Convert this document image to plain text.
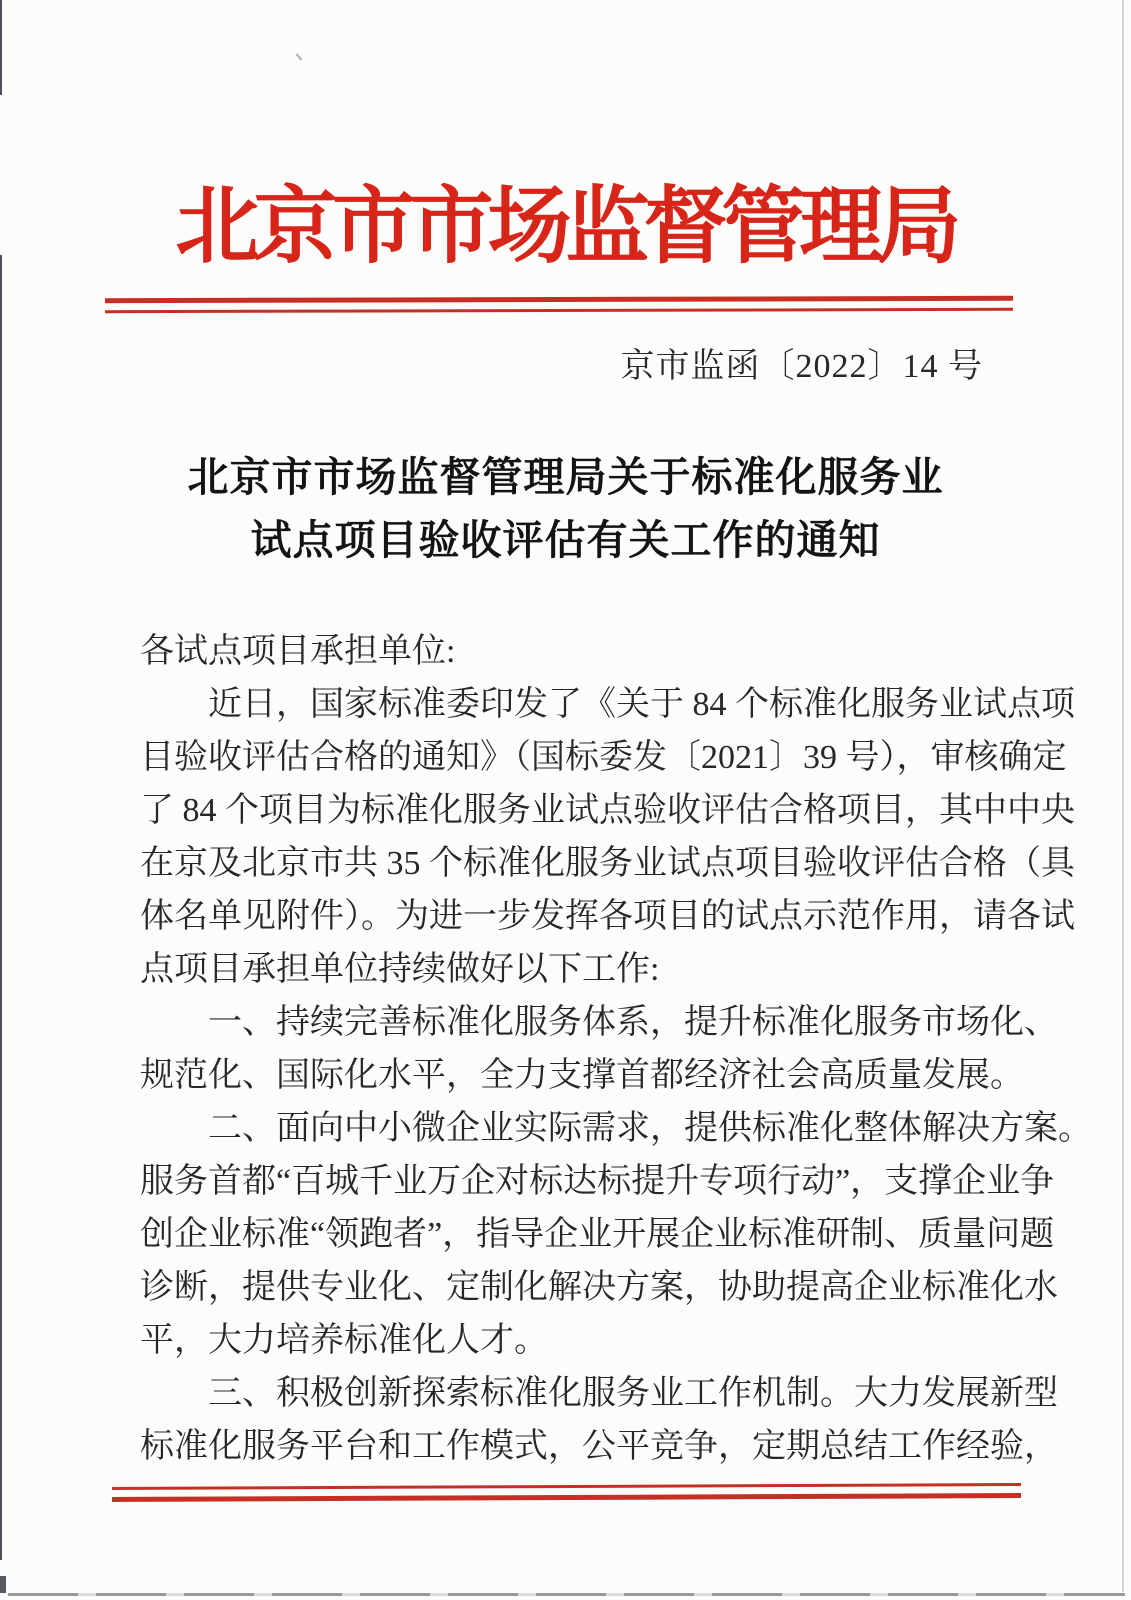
北京市市场监督管理局
京市监函〔2022〕14 号
北京市市场监督管理局关于标准化服务业
试点项目验收评估有关工作的通知
各试点项目承担单位:
近日，国家标准委印发了《关于 84 个标准化服务业试点项
目验收评估合格的通知》（国标委发〔2021〕39 号），审核确定
了 84 个项目为标准化服务业试点验收评估合格项目，其中中央
在京及北京市共 35 个标准化服务业试点项目验收评估合格（具
体名单见附件）。为进一步发挥各项目的试点示范作用，请各试
点项目承担单位持续做好以下工作:
一、持续完善标准化服务体系，提升标准化服务市场化、
规范化、国际化水平，全力支撑首都经济社会高质量发展。
二、面向中小微企业实际需求，提供标准化整体解决方案。
服务首都“百城千业万企对标达标提升专项行动”，支撑企业争
创企业标准“领跑者”，指导企业开展企业标准研制、质量问题
诊断，提供专业化、定制化解决方案，协助提高企业标准化水
平，大力培养标准化人才。
三、积极创新探索标准化服务业工作机制。大力发展新型
标准化服务平台和工作模式，公平竞争，定期总结工作经验，
